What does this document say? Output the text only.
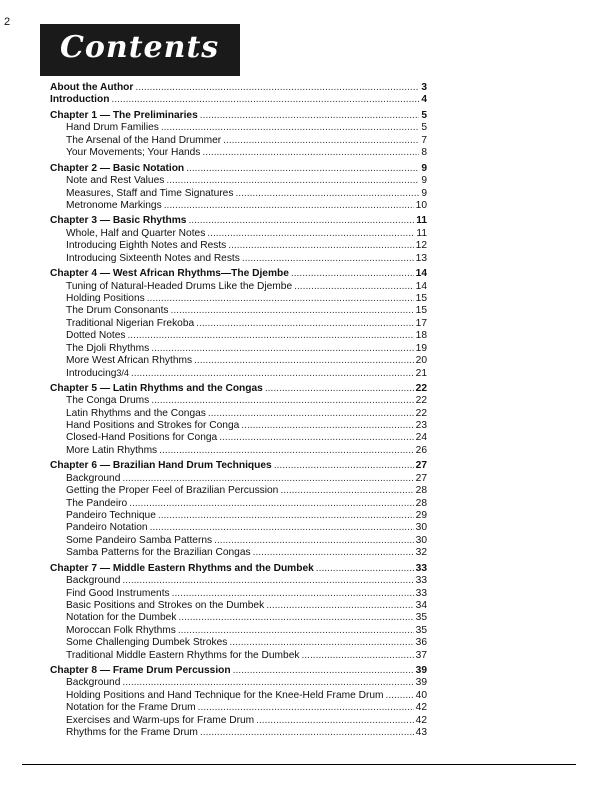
2
Contents
About the Author .....	3
Introduction .....	4
Chapter 1 — The Preliminaries .....	5
Hand Drum Families .....	5
The Arsenal of the Hand Drummer .....	7
Your Movements; Your Hands .....	8
Chapter 2 — Basic Notation .....	9
Note and Rest Values .....	9
Measures, Staff and Time Signatures .....	9
Metronome Markings .....	10
Chapter 3 — Basic Rhythms .....	11
Whole, Half and Quarter Notes .....	11
Introducing Eighth Notes and Rests .....	12
Introducing Sixteenth Notes and Rests .....	13
Chapter 4 — West African Rhythms—The Djembe .....	14
Tuning of Natural-Headed Drums Like the Djembe .....	14
Holding Positions .....	15
The Drum Consonants .....	15
Traditional Nigerian Frekoba .....	17
Dotted Notes .....	18
The Djoli Rhythms .....	19
More West African Rhythms .....	20
Introducing 3/4 .....	21
Chapter 5 — Latin Rhythms and the Congas .....	22
The Conga Drums .....	22
Latin Rhythms and the Congas .....	22
Hand Positions and Strokes for Conga .....	23
Closed-Hand Positions for Conga .....	24
More Latin Rhythms .....	26
Chapter 6 — Brazilian Hand Drum Techniques .....	27
Background .....	27
Getting the Proper Feel of Brazilian Percussion .....	28
The Pandeiro .....	28
Pandeiro Technique .....	29
Pandeiro Notation .....	30
Some Pandeiro Samba Patterns .....	30
Samba Patterns for the Brazilian Congas .....	32
Chapter 7 — Middle Eastern Rhythms and the Dumbek .....	33
Background .....	33
Find Good Instruments .....	33
Basic Positions and Strokes on the Dumbek .....	34
Notation for the Dumbek .....	35
Moroccan Folk Rhythms .....	35
Some Challenging Dumbek Strokes .....	36
Traditional Middle Eastern Rhythms for the Dumbek .....	37
Chapter 8 — Frame Drum Percussion .....	39
Background .....	39
Holding Positions and Hand Technique for the Knee-Held Frame Drum .....	40
Notation for the Frame Drum .....	42
Exercises and Warm-ups for Frame Drum .....	42
Rhythms for the Frame Drum .....	43
